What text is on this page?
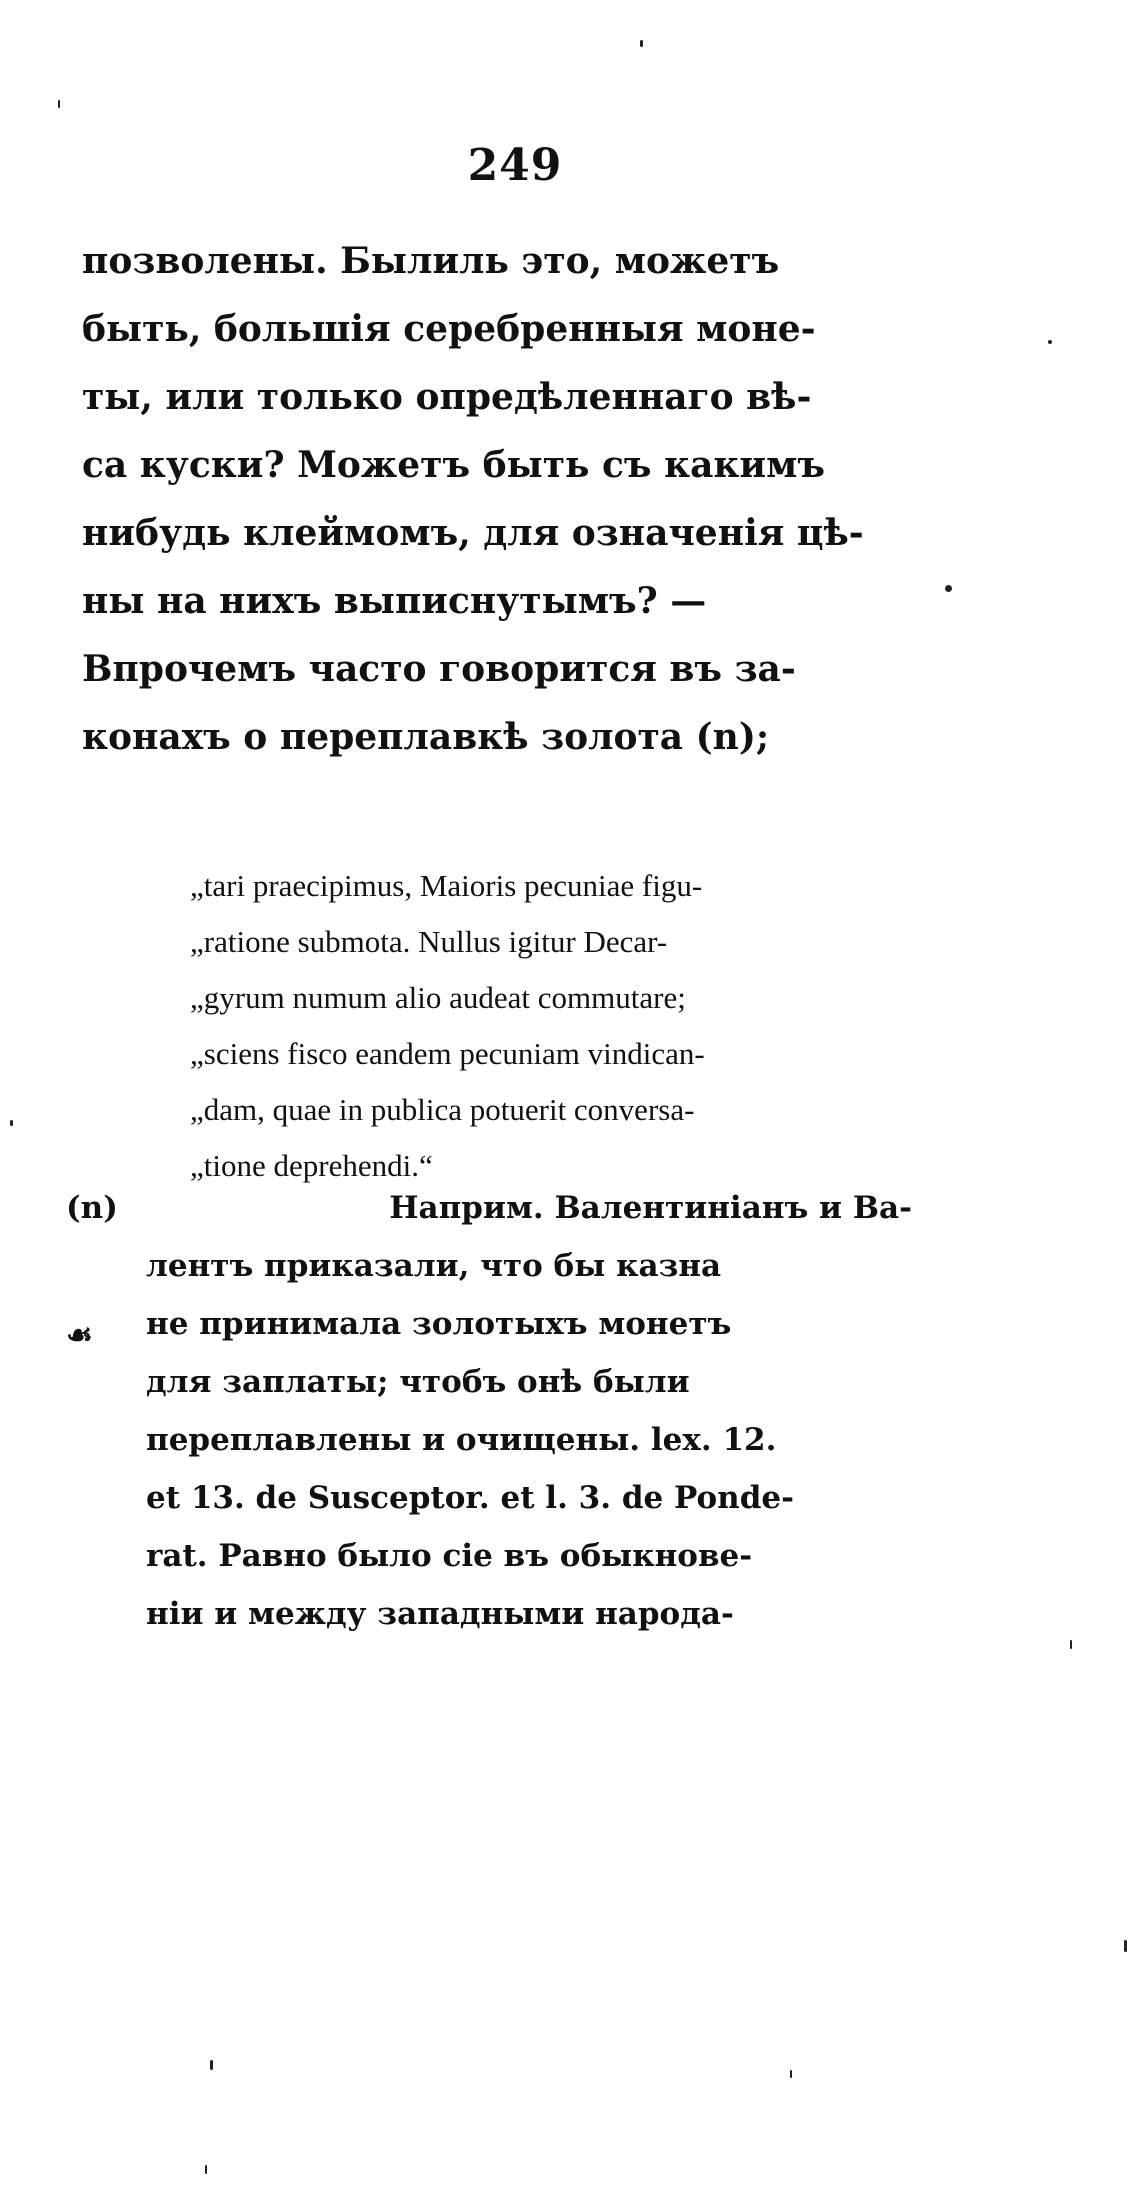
249
позволены. Былиль это, можетъ
быть, большія серебренныя моне-
ты, или только опредѣленнаго вѣ-
са куски? Можетъ быть съ какимъ
нибудь клеймомъ, для означенія цѣ-
ны на нихъ выписнутымъ? —
Впрочемъ часто говорится въ за-
конахъ о переплавкѣ золота (n);
„tari praecipimus, Maioris pecuniae figu-
„ratione submota. Nullus igitur Decar-
„gyrum numum alio audeat commutare;
„sciens fisco eandem pecuniam vindican-
„dam, quae in publica potuerit conversa-
„tione deprehendi.“
☙
(n)	Наприм. Валентиніанъ и Ва-
лентъ приказали, что бы казна
не принимала золотыхъ монетъ
для заплаты; чтобъ онѣ были
переплавлены и очищены. lex. 12.
et 13. de Susceptor. et l. 3. de Ponde-
rat. Равно было сіе въ обыкнове-
ніи и между западными народа-
